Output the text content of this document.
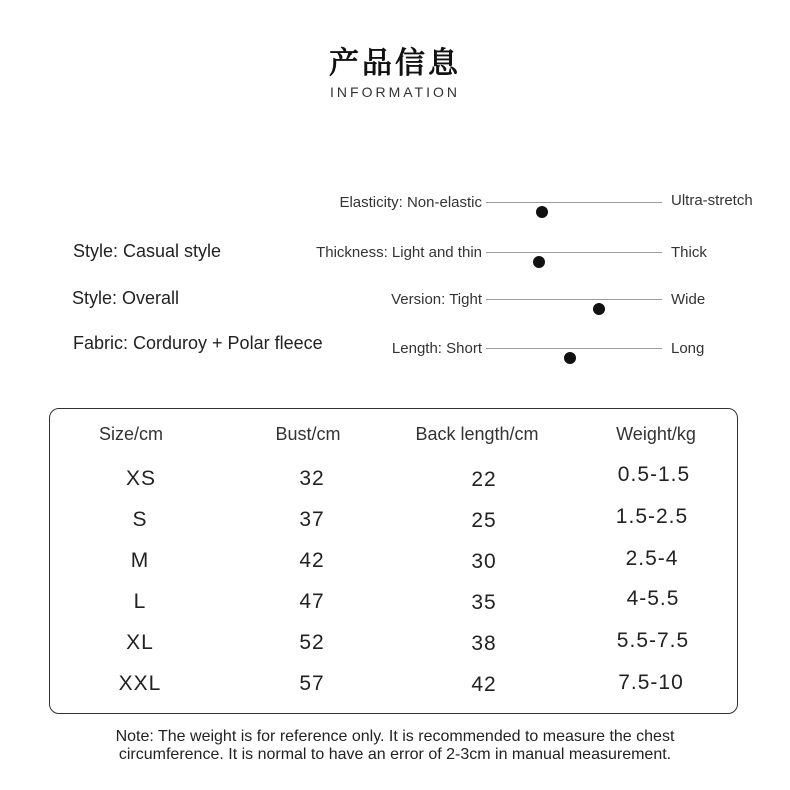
产品信息
INFORMATION
Style: Casual style
Style: Overall
Fabric: Corduroy + Polar fleece
Elasticity: Non-elastic	Ultra-stretch
Thickness: Light and thin	Thick
Version: Tight	Wide
Length: Short	Long
Size/cm	Bust/cm	Back length/cm	Weight/kg
XS	32	22	0.5-1.5
S	37	25	1.5-2.5
M	42	30	2.5-4
L	47	35	4-5.5
XL	52	38	5.5-7.5
XXL	57	42	7.5-10
Note: The weight is for reference only. It is recommended to measure the chest
circumference. It is normal to have an error of 2-3cm in manual measurement.
